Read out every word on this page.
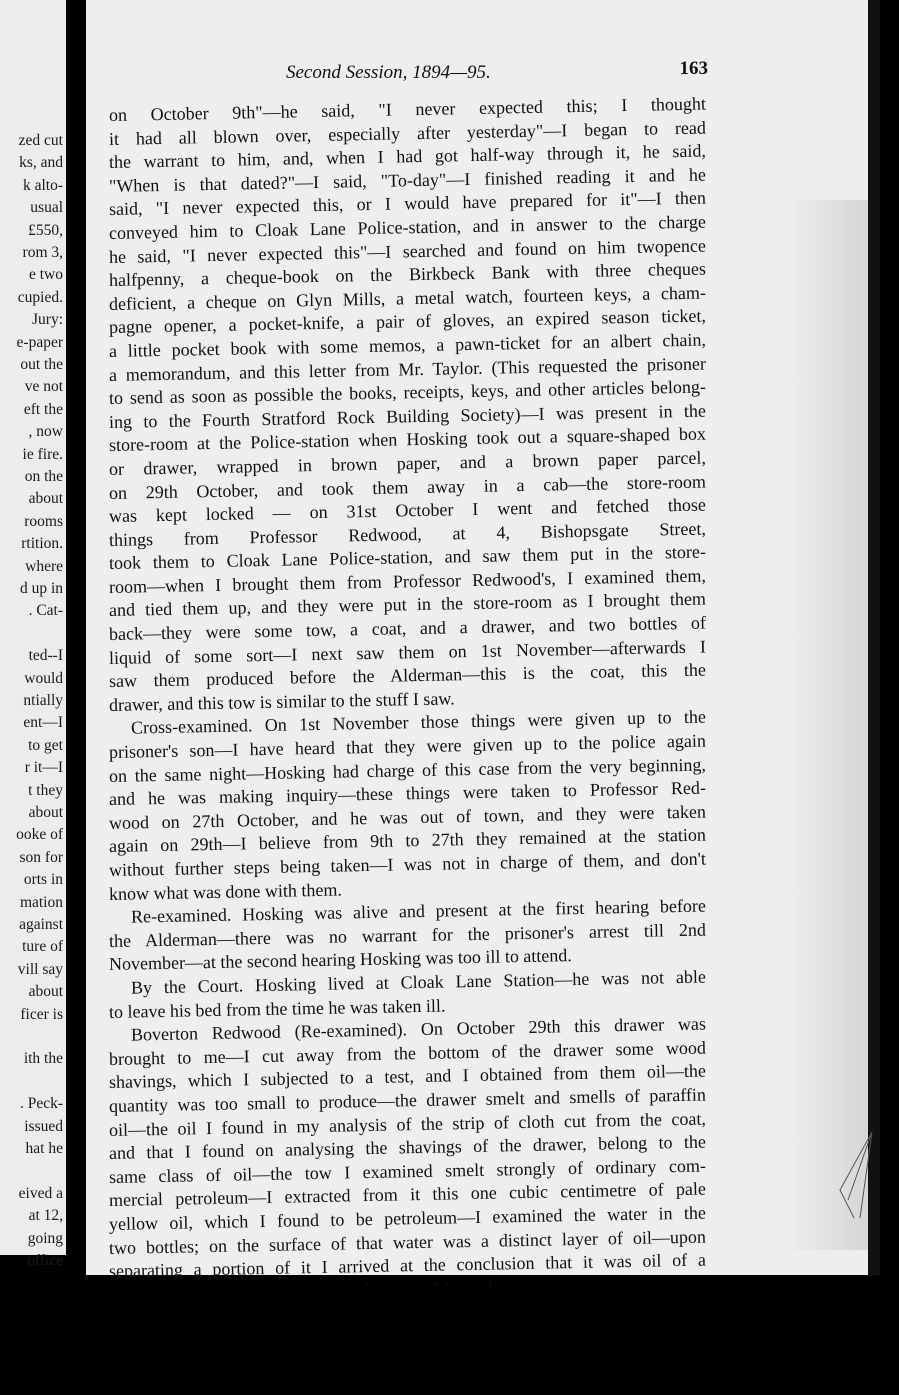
zed cut
ks, and
k alto-
usual
£550,
rom 3,
e two
cupied.
Jury:
e-paper
out the
ve not
eft the
, now
ie fire.
on the
about
rooms
rtition.
where
d up in
. Cat-
ted--I
would
ntially
ent—I
to get
r it—I
t they
about
ooke of
son for
orts in
mation
against
ture of
vill say
about
ficer is
ith the
. Peck-
issued
hat he
eived a
at 12,
going
office
Second Session, 1894—95.	163
on October 9th"—he said, "I never expected this; I thought
it had all blown over, especially after yesterday"—I began to read
the warrant to him, and, when I had got half-way through it, he said,
"When is that dated?"—I said, "To-day"—I finished reading it and he
said, "I never expected this, or I would have prepared for it"—I then
conveyed him to Cloak Lane Police-station, and in answer to the charge
he said, "I never expected this"—I searched and found on him twopence
halfpenny, a cheque-book on the Birkbeck Bank with three cheques
deficient, a cheque on Glyn Mills, a metal watch, fourteen keys, a cham-
pagne opener, a pocket-knife, a pair of gloves, an expired season ticket,
a little pocket book with some memos, a pawn-ticket for an albert chain,
a memorandum, and this letter from Mr. Taylor. (This requested the prisoner
to send as soon as possible the books, receipts, keys, and other articles belong-
ing to the Fourth Stratford Rock Building Society)—I was present in the
store-room at the Police-station when Hosking took out a square-shaped box
or drawer, wrapped in brown paper, and a brown paper parcel,
on 29th October, and took them away in a cab—the store-room
was kept locked — on 31st October I went and fetched those
things from Professor Redwood, at 4, Bishopsgate Street,
took them to Cloak Lane Police-station, and saw them put in the store-
room—when I brought them from Professor Redwood's, I examined them,
and tied them up, and they were put in the store-room as I brought them
back—they were some tow, a coat, and a drawer, and two bottles of
liquid of some sort—I next saw them on 1st November—afterwards I
saw them produced before the Alderman—this is the coat, this the
drawer, and this tow is similar to the stuff I saw.
Cross-examined. On 1st November those things were given up to the
prisoner's son—I have heard that they were given up to the police again
on the same night—Hosking had charge of this case from the very beginning,
and he was making inquiry—these things were taken to Professor Red-
wood on 27th October, and he was out of town, and they were taken
again on 29th—I believe from 9th to 27th they remained at the station
without further steps being taken—I was not in charge of them, and don't
know what was done with them.
Re-examined. Hosking was alive and present at the first hearing before
the Alderman—there was no warrant for the prisoner's arrest till 2nd
November—at the second hearing Hosking was too ill to attend.
By the Court. Hosking lived at Cloak Lane Station—he was not able
to leave his bed from the time he was taken ill.
Boverton Redwood (Re-examined). On October 29th this drawer was
brought to me—I cut away from the bottom of the drawer some wood
shavings, which I subjected to a test, and I obtained from them oil—the
quantity was too small to produce—the drawer smelt and smells of paraffin
oil—the oil I found in my analysis of the strip of cloth cut from the coat,
and that I found on analysing the shavings of the drawer, belong to the
same class of oil—the tow I examined smelt strongly of ordinary com-
mercial petroleum—I extracted from it this one cubic centimetre of pale
yellow oil, which I found to be petroleum—I examined the water in the
two bottles; on the surface of that water was a distinct layer of oil—upon
separating a portion of it I arrived at the conclusion that it was oil of a
